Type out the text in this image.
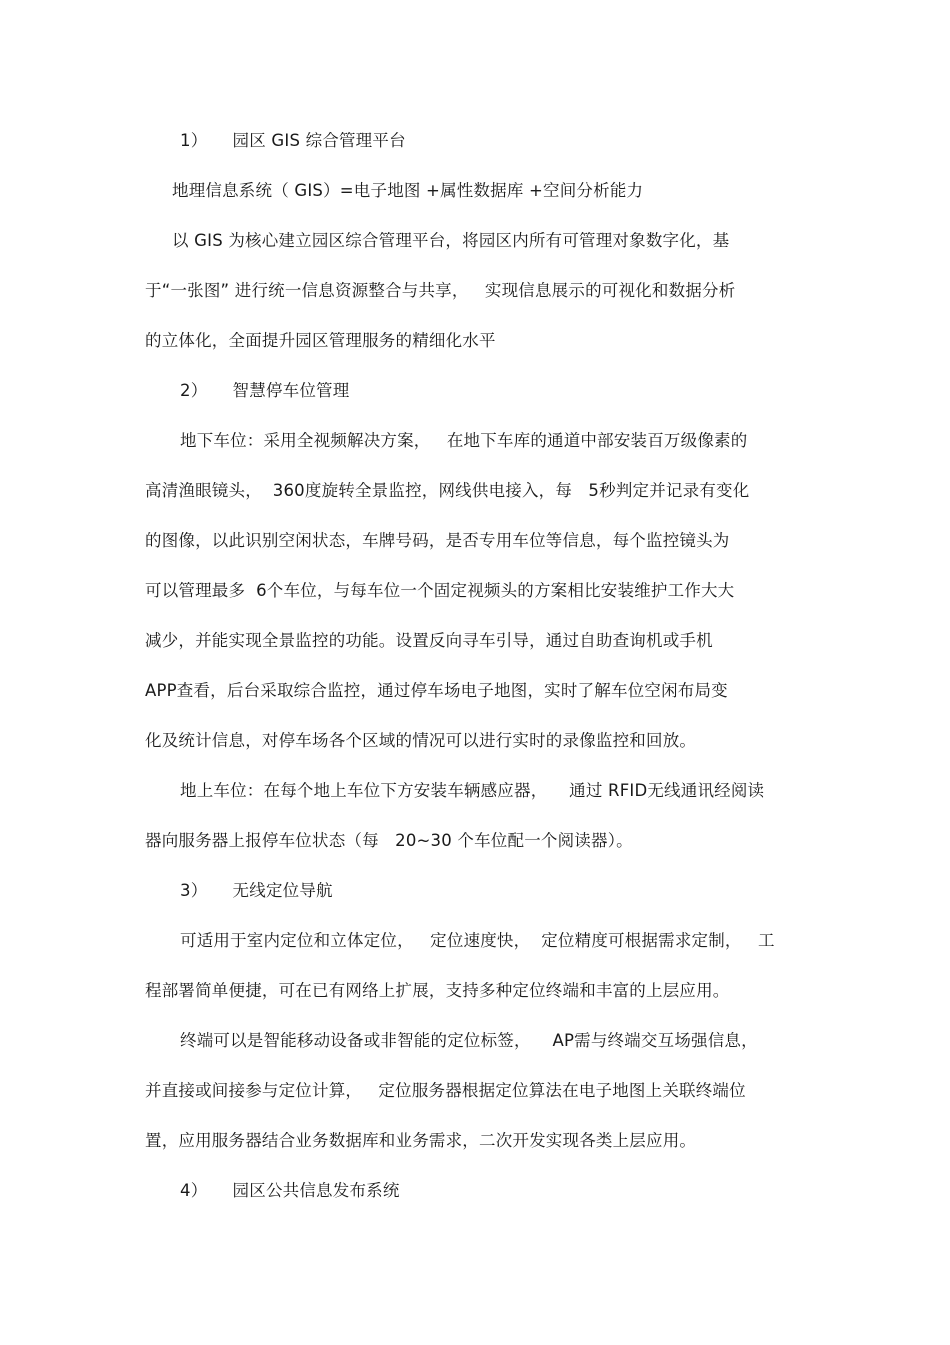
1）　　园区 GIS 综合管理平台
地理信息系统（ GIS）=电子地图 +属性数据库 +空间分析能力
以 GIS 为核心建立园区综合管理平台，将园区内所有可管理对象数字化，基
于“一张图” 进行统一信息资源整合与共享，   实现信息展示的可视化和数据分析
的立体化，全面提升园区管理服务的精细化水平
2）　　智慧停车位管理
地下车位：采用全视频解决方案，   在地下车库的通道中部安装百万级像素的
高清渔眼镜头，  360度旋转全景监控，网线供电接入，每   5秒判定并记录有变化
的图像，以此识别空闲状态，车牌号码，是否专用车位等信息，每个监控镜头为
可以管理最多  6个车位，与每车位一个固定视频头的方案相比安装维护工作大大
减少，并能实现全景监控的功能。设置反向寻车引导，通过自助查询机或手机
APP查看，后台采取综合监控，通过停车场电子地图，实时了解车位空闲布局变
化及统计信息，对停车场各个区域的情况可以进行实时的录像监控和回放。
地上车位：在每个地上车位下方安装车辆感应器，    通过 RFID无线通讯经阅读
器向服务器上报停车位状态（每   20~30 个车位配一个阅读器）。
3）　　无线定位导航
可适用于室内定位和立体定位，   定位速度快，  定位精度可根据需求定制，   工
程部署简单便捷，可在已有网络上扩展，支持多种定位终端和丰富的上层应用。
终端可以是智能移动设备或非智能的定位标签，    AP需与终端交互场强信息，
并直接或间接参与定位计算，   定位服务器根据定位算法在电子地图上关联终端位
置，应用服务器结合业务数据库和业务需求，二次开发实现各类上层应用。
4）　　园区公共信息发布系统
